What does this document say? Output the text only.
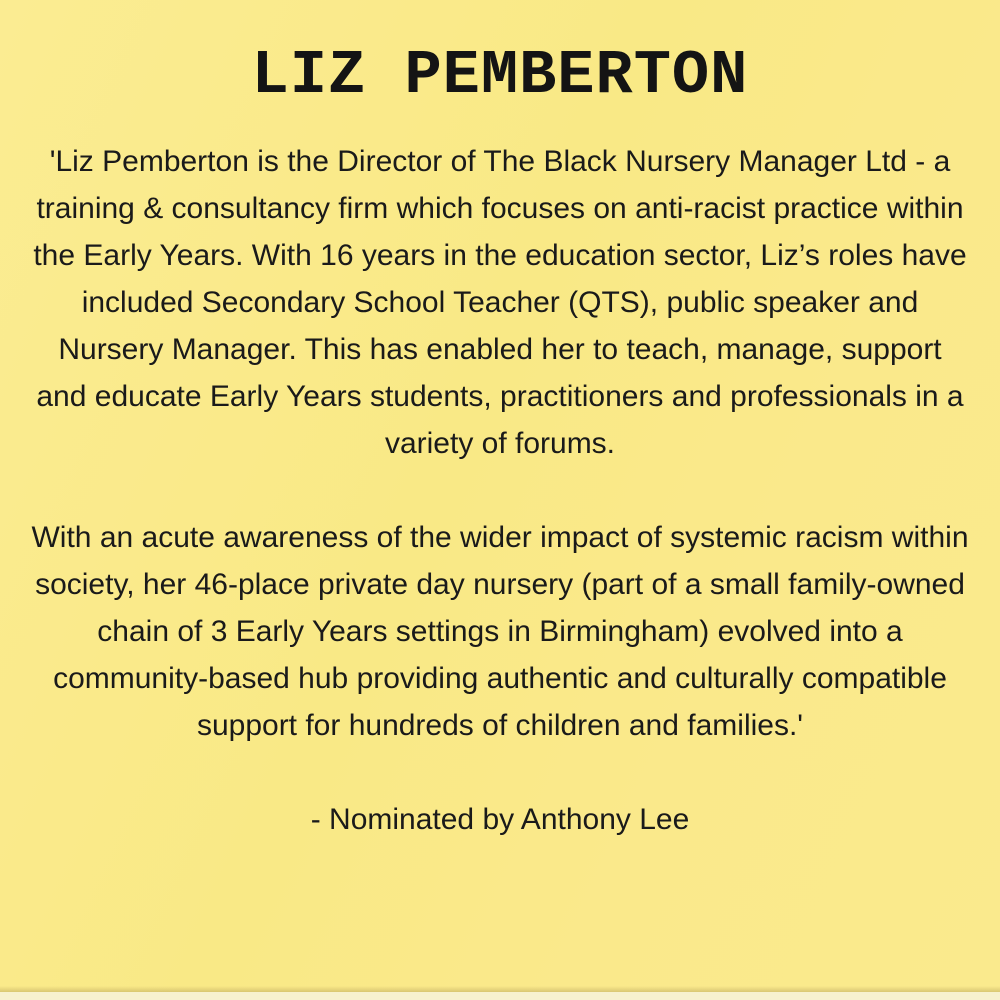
LIZ PEMBERTON

'Liz Pemberton is the Director of The Black Nursery Manager Ltd - a training & consultancy firm which focuses on anti-racist practice within the Early Years. With 16 years in the education sector, Liz’s roles have included Secondary School Teacher (QTS), public speaker and Nursery Manager. This has enabled her to teach, manage, support and educate Early Years students, practitioners and professionals in a variety of forums.

With an acute awareness of the wider impact of systemic racism within society, her 46-place private day nursery (part of a small family-owned chain of 3 Early Years settings in Birmingham) evolved into a community-based hub providing authentic and culturally compatible support for hundreds of children and families.'

- Nominated by Anthony Lee
